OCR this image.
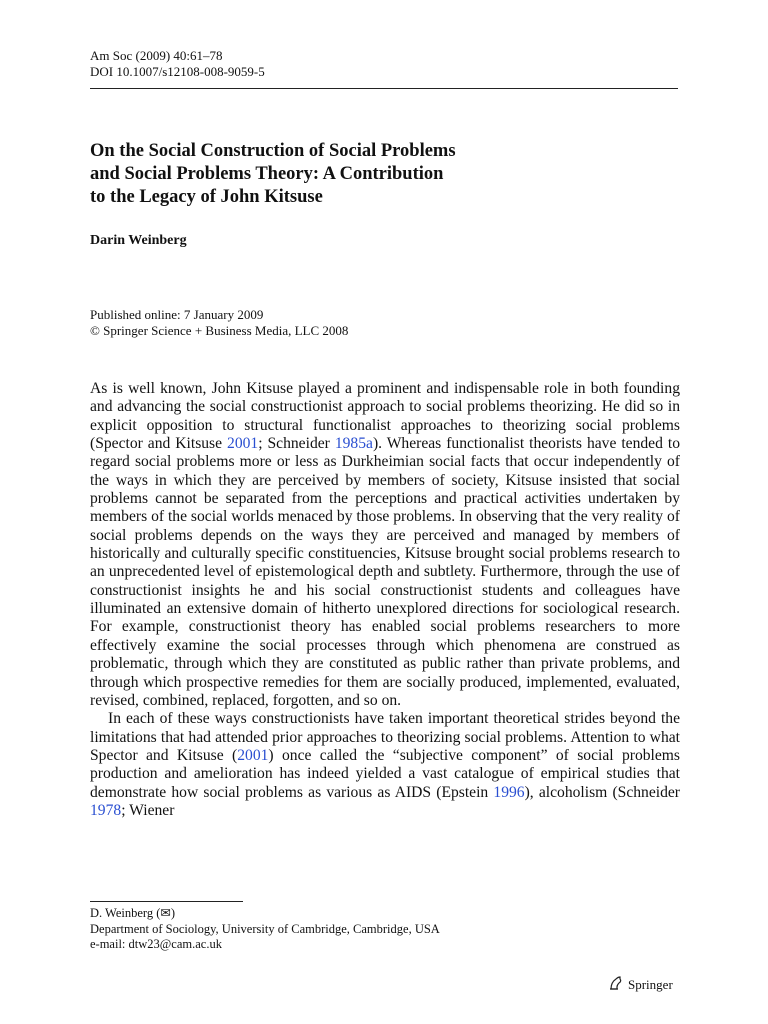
Am Soc (2009) 40:61–78
DOI 10.1007/s12108-008-9059-5
On the Social Construction of Social Problems
and Social Problems Theory: A Contribution
to the Legacy of John Kitsuse
Darin Weinberg
Published online: 7 January 2009
© Springer Science + Business Media, LLC 2008

As is well known, John Kitsuse played a prominent and indispensable role in both founding and advancing the social constructionist approach to social problems theorizing. He did so in explicit opposition to structural functionalist approaches to theorizing social problems (Spector and Kitsuse 2001; Schneider 1985a). Whereas functionalist theorists have tended to regard social problems more or less as Durkheimian social facts that occur independently of the ways in which they are perceived by members of society, Kitsuse insisted that social problems cannot be separated from the perceptions and practical activities undertaken by members of the social worlds menaced by those problems. In observing that the very reality of social problems depends on the ways they are perceived and managed by members of historically and culturally specific constituencies, Kitsuse brought social problems research to an unprecedented level of epistemological depth and subtlety. Furthermore, through the use of constructionist insights he and his social constructionist students and colleagues have illuminated an extensive domain of hitherto unexplored directions for sociological research. For example, constructionist theory has enabled social problems researchers to more effectively examine the social processes through which phenomena are construed as problematic, through which they are constituted as public rather than private problems, and through which prospective remedies for them are socially produced, implemented, evaluated, revised, combined, replaced, forgotten, and so on.

In each of these ways constructionists have taken important theoretical strides beyond the limitations that had attended prior approaches to theorizing social problems. Attention to what Spector and Kitsuse (2001) once called the “subjective component” of social problems production and amelioration has indeed yielded a vast catalogue of empirical studies that demonstrate how social problems as various as AIDS (Epstein 1996), alcoholism (Schneider 1978; Wiener

D. Weinberg (✉)
Department of Sociology, University of Cambridge, Cambridge, USA
e-mail: dtw23@cam.ac.uk
Springer
